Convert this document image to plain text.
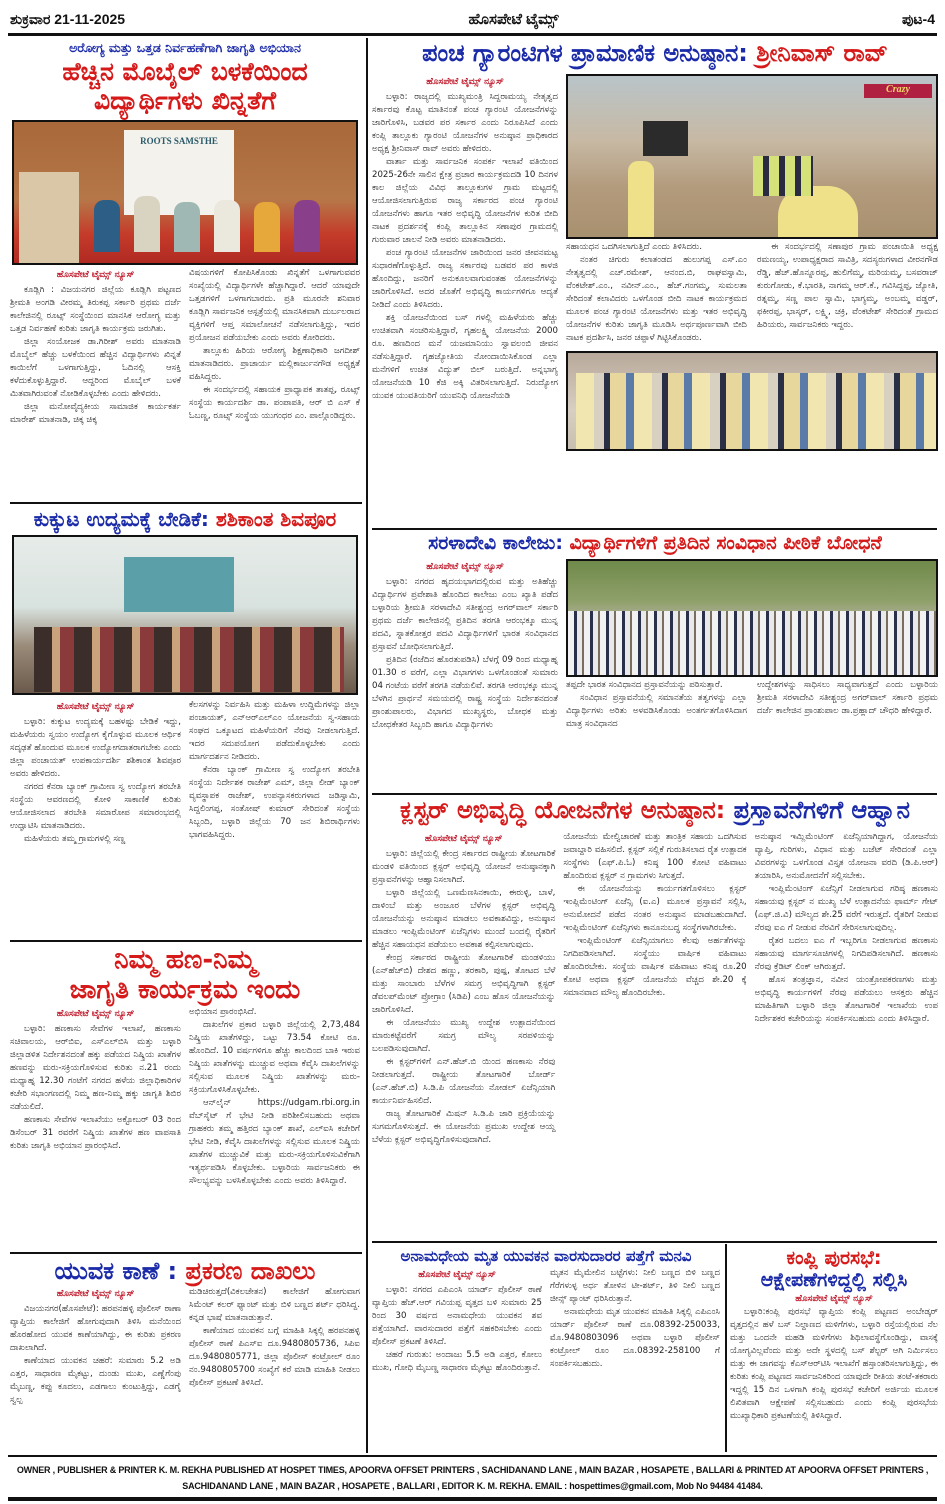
ಶುಕ್ರವಾರ 21-11-2025	ಹೊಸಪೇಟೆ ಟೈಮ್ಸ್	ಪುಟ-4
ಅರೋಗ್ಯ ಮತ್ತು ಒತ್ತಡ ನಿರ್ವಹಣೆಗಾಗಿ ಜಾಗೃತಿ ಅಭಿಯಾನ
ಹೆಚ್ಚಿನ ಮೊಬೈಲ್ ಬಳಕೆಯಿಂದ
ವಿದ್ಯಾರ್ಥಿಗಳು ಖಿನ್ನತೆಗೆ
ROOTS SAMSTHE
ಹೊಸಪೇಟೆ ಟೈಮ್ಸ್ ನ್ಯೂಸ್

ಕೂಡ್ಲಿಗಿ : ವಿಜಯನಗರ ಜಿಲ್ಲೆಯ ಕೂಡ್ಲಿಗಿ ಪಟ್ಟಣದ ಶ್ರೀಮತಿ ಅಂಗಡಿ ವೀರಮ್ಮ ತಿರುಕಪ್ಪ ಸರ್ಕಾರಿ ಪ್ರಥಮ ದರ್ಜೆ ಕಾಲೇಜಿನಲ್ಲಿ ರೂಟ್ಸ್ ಸಂಸ್ಥೆಯಿಂದ ಮಾನಸಿಕ ಆರೋಗ್ಯ ಮತ್ತು ಒತ್ತಡ ನಿರ್ವಹಣೆ ಕುರಿತು ಜಾಗೃತಿ ಕಾರ್ಯಕ್ರಮ ಜರುಗಿತು.

ಜಿಲ್ಲಾ ಸಂಯೋಜಕ ಡಾ.ಗಿರೀಶ್ ಅವರು ಮಾತನಾಡಿ ಮೊಬೈಲ್ ಹೆಚ್ಚು ಬಳಕೆಯಿಂದ ಹೆಚ್ಚಿನ ವಿದ್ಯಾರ್ಥಿಗಳು ಖಿನ್ನತೆ ಕಾಯಿಲೆಗೆ ಒಳಗಾಗುತ್ತಿದ್ದು, ಓದಿನಲ್ಲಿ ಆಸಕ್ತಿ ಕಳೆದುಕೊಳ್ಳುತ್ತಿದ್ದಾರೆ. ಆದ್ದರಿಂದ ಮೊಬೈಲ್ ಬಳಕೆ ಮಿತವಾಗಿರುವಂತೆ ನೋಡಿಕೊಳ್ಳಬೇಕು ಎಂದು ಹೇಳಿದರು.

ಜಿಲ್ಲಾ ಮನೋವೈದ್ಯಕೀಯ ಸಾಮಾಜಿಕ ಕಾರ್ಯಕರ್ತ ಮಾರೇಶ್ ಮಾತನಾಡಿ, ಚಿಕ್ಕ ಚಿಕ್ಕ

ವಿಷಯಗಳಿಗೆ ಕೋಪಿಸಿಕೊಂಡು ಖಿನ್ನತೆಗೆ ಒಳಗಾಗುವವರ ಸಂಖ್ಯೆಯಲ್ಲಿ ವಿದ್ಯಾರ್ಥಿಗಳೇ ಹೆಚ್ಚಾಗಿದ್ದಾರೆ. ಆದರೆ ಯಾವುದೇ ಒತ್ತಡಗಳಿಗೆ ಒಳಗಾಗಬಾರದು. ಪ್ರತಿ ಮೂರನೇ ಶನಿವಾರ ಕೂಡ್ಲಿಗಿ ಸಾರ್ವಜನಿಕ ಆಸ್ಪತ್ರೆಯಲ್ಲಿ ಮಾನಸಿಕವಾಗಿ ದುರ್ಬಲರಾದ ವ್ಯಕ್ತಿಗಳಿಗೆ ಆಪ್ತ ಸಮಾಲೋಚನೆ ನಡೆಸಲಾಗುತ್ತಿದ್ದು, ಇದರ ಪ್ರಯೋಜನ ಪಡೆಯಬೇಕು ಎಂದು ಅವರು ಕೋರಿದರು.

ತಾಲ್ಲೂಕು ಹಿರಿಯ ಆರೋಗ್ಯ ಶಿಕ್ಷಣಾಧಿಕಾರಿ ಜಗದೀಶ್ ಮಾತನಾಡಿದರು. ಪ್ರಾಚಾರ್ಯ ಮಲ್ಲಿಕಾರ್ಜುನಗೌಡ ಅಧ್ಯಕ್ಷತೆ ವಹಿಸಿದ್ದರು.

ಈ ಸಂದರ್ಭದಲ್ಲಿ ಸಹಾಯಕ ಪ್ರಾಧ್ಯಾಪಕ ತಾತಪ್ಪ, ರೂಟ್ಸ್ ಸಂಸ್ಥೆಯ ಕಾರ್ಯದರ್ಶಿ ಡಾ. ಪಂಪಾಪತಿ, ಆರ್ ಬಿ ಎಸ್ ಕೆ ಓಬಣ್ಣ, ರೂಟ್ಸ್ ಸಂಸ್ಥೆಯ ಯುಗಂಧರ ಎಂ. ಪಾಲ್ಗೊಂಡಿದ್ದರು.

ಕುಕ್ಕುಟ ಉದ್ಯಮಕ್ಕೆ ಬೇಡಿಕೆ: ಶಶಿಕಾಂತ ಶಿವಪೂರ
ಹೊಸಪೇಟೆ ಟೈಮ್ಸ್ ನ್ಯೂಸ್

ಬಳ್ಳಾರಿ: ಕುಕ್ಕುಟ ಉದ್ಯಮಕ್ಕೆ ಬಹಳಷ್ಟು ಬೇಡಿಕೆ ಇದ್ದು, ಮಹಿಳೆಯರು ಸ್ವಯಂ ಉದ್ಯೋಗ ಕೈಗೊಳ್ಳುವ ಮೂಲಕ ಆರ್ಥಿಕ ಸದೃಢತೆ ಹೊಂದುವ ಮೂಲಕ ಉದ್ಯೋಗದಾತರಾಗಬೇಕು ಎಂದು ಜಿಲ್ಲಾ ಪಂಚಾಯತ್ ಉಪಕಾರ್ಯದರ್ಶಿ ಶಶಿಕಾಂತ ಶಿವಪೂರ ಅವರು ಹೇಳಿದರು.

ನಗರದ ಕೆನರಾ ಬ್ಯಾಂಕ್ ಗ್ರಾಮೀಣ ಸ್ವ ಉದ್ಯೋಗ ತರಬೇತಿ ಸಂಸ್ಥೆಯ ಆವರಣದಲ್ಲಿ ಕೋಳಿ ಸಾಕಾಣಿಕೆ ಕುರಿತು ಆಯೋಜಿಸಲಾದ ತರಬೇತಿ ಸಮಾರೋಪ ಸಮಾರಂಭದಲ್ಲಿ ಉದ್ಘಾಟಿಸಿ ಮಾತನಾಡಿದರು.

ಮಹಿಳೆಯರು ತಮ್ಮ ಗ್ರಾಮಗಳಲ್ಲಿ ಸಣ್ಣ

ಕೆಲಸಗಳನ್ನು ನಿರ್ವಹಿಸಿ ಮತ್ತು ಮಹಿಳಾ ಉದ್ದಿಮೆಗಳನ್ನು ಜಿಲ್ಲಾ ಪಂಚಾಯತ್, ಎನ್‌ಆರ್‌ಎಲ್‌ಎಂ ಯೋಜನೆಯ ಸ್ವ-ಸಹಾಯ ಸಂಘದ ಒಕ್ಕೂಟದ ಮಹಿಳೆಯರಿಗೆ ನೆರವು ನೀಡಲಾಗುತ್ತಿದೆ. ಇದರ ಸದುಪಯೋಗ ಪಡೆದುಕೊಳ್ಳಬೇಕು ಎಂದು ಮಾರ್ಗದರ್ಶನ ನೀಡಿದರು.

ಕೆನರಾ ಬ್ಯಾಂಕ್ ಗ್ರಾಮೀಣ ಸ್ವ ಉದ್ಯೋಗ ತರಬೇತಿ ಸಂಸ್ಥೆಯ ನಿರ್ದೇಶಕ ರಾಜೇಶ್ ಎಮ್, ಜಿಲ್ಲಾ ಲೀಡ್ ಬ್ಯಾಂಕ್ ವ್ಯವಸ್ಥಾಪಕ ರಾಜೇಶ್, ಉಪನ್ಯಾಸಕರುಗಳಾದ ಜಡಿಸ್ವಾಮಿ, ಸಿದ್ದಲಿಂಗಪ್ಪ, ಸಂತೋಷ್ ಕುಮಾರ್ ಸೇರಿದಂತೆ ಸಂಸ್ಥೆಯ ಸಿಬ್ಬಂದಿ, ಬಳ್ಳಾರಿ ಜಿಲ್ಲೆಯ 70 ಜನ ಶಿಬಿರಾರ್ಥಿಗಳು ಭಾಗವಹಿಸಿದ್ದರು.

ನಿಮ್ಮ ಹಣ-ನಿಮ್ಮ
ಜಾಗೃತಿ ಕಾರ್ಯಕ್ರಮ ಇಂದು
ಹೊಸಪೇಟೆ ಟೈಮ್ಸ್ ನ್ಯೂಸ್

ಬಳ್ಳಾರಿ: ಹಣಕಾಸು ಸೇವೆಗಳ ಇಲಾಖೆ, ಹಣಕಾಸು ಸಚಿವಾಲಯ, ಆರ್‌ಬಿಐ, ಎಸ್‌ಎಲ್‌ಬಿಸಿ ಮತ್ತು ಬಳ್ಳಾರಿ ಜಿಲ್ಲಾಡಳಿತ ನಿರ್ದೇಶನದಂತೆ ಹಕ್ಕು ಪಡೆಯದ ನಿಷ್ಕ್ರಿಯ ಖಾತೆಗಳ ಹಣವನ್ನು ಮರು-ಸಕ್ರಿಯಗೊಳಿಸುವ ಕುರಿತು ನ.21 ರಂದು ಮಧ್ಯಾಹ್ನ 12.30 ಗಂಟೆಗೆ ನಗರದ ಹಳೆಯ ಜಿಲ್ಲಾಧಿಕಾರಿಗಳ ಕಚೇರಿ ಸಭಾಂಗಣದಲ್ಲಿ ನಿಮ್ಮ ಹಣ-ನಿಮ್ಮ ಹಕ್ಕು ಜಾಗೃತಿ ಶಿಬಿರ ನಡೆಯಲಿದೆ.

ಹಣಕಾಸು ಸೇವೆಗಳ ಇಲಾಖೆಯು ಅಕ್ಟೋಬರ್ 03 ರಿಂದ ಡಿಸೆಂಬರ್ 31 ರವರೆಗೆ ನಿಷ್ಕ್ರಿಯ ಖಾತೆಗಳ ಹಣ ವಾಪಸಾತಿ ಕುರಿತು ಜಾಗೃತಿ ಅಭಿಯಾನ ಪ್ರಾರಂಭಿಸಿದೆ.

ಅಭಿಯಾನ ಪ್ರಾರಂಭಿಸಿದೆ.

ದಾಖಲೆಗಳ ಪ್ರಕಾರ ಬಳ್ಳಾರಿ ಜಿಲ್ಲೆಯಲ್ಲಿ 2,73,484 ನಿಷ್ಕ್ರಿಯ ಖಾತೆಗಳಿದ್ದು, ಒಟ್ಟು 73.54 ಕೋಟಿ ರೂ. ಹೊಂದಿದೆ. 10 ವರ್ಷಗಳಿಗೂ ಹೆಚ್ಚು ಕಾಲದಿಂದ ಬಾಕಿ ಇರುವ ನಿಷ್ಕ್ರಿಯ ಖಾತೆಗಳನ್ನು ಮುಚ್ಚುವ ಅಥವಾ ಕೆವೈಸಿ ದಾಖಲೆಗಳನ್ನು ಸಲ್ಲಿಸುವ ಮೂಲಕ ನಿಷ್ಕ್ರಿಯ ಖಾತೆಗಳನ್ನು ಮರು-ಸಕ್ರಿಯಗೊಳಿಸಿಕೊಳ್ಳಬೇಕು.

ಆನ್‌ಲೈನ್ https://udgam.rbi.org.in ವೆಬ್‌ಸೈಟ್ ಗೆ ಭೇಟಿ ನೀಡಿ ಪರಿಶೀಲಿಸಬಹುದು ಅಥವಾ ಗ್ರಾಹಕರು ತಮ್ಮ ಹತ್ತಿರದ ಬ್ಯಾಂಕ್ ಶಾಖೆ, ಎಲ್‌ಐಸಿ ಕಚೇರಿಗೆ ಭೇಟಿ ನೀಡಿ, ಕೆವೈಸಿ ದಾಖಲೆಗಳನ್ನು ಸಲ್ಲಿಸುವ ಮೂಲಕ ನಿಷ್ಕ್ರಿಯ ಖಾತೆಗಳ ಮುಚ್ಚುವಿಕೆ ಮತ್ತು ಮರು-ಸಕ್ರಿಯಗೊಳಿಸುವಿಕೆಗಾಗಿ ಇತ್ಯರ್ಥಪಡಿಸಿ ಕೊಳ್ಳಬೇಕು. ಬಳ್ಳಾರಿಯ ಸಾರ್ವಜನಿಕರು ಈ ಸೌಲಭ್ಯವನ್ನು ಬಳಸಿಕೊಳ್ಳಬೇಕು ಎಂದು ಅವರು ತಿಳಿಸಿದ್ದಾರೆ.

ಯುವಕ ಕಾಣೆ : ಪ್ರಕರಣ ದಾಖಲು
ಹೊಸಪೇಟೆ ಟೈಮ್ಸ್ ನ್ಯೂಸ್

ವಿಜಯನಗರ(ಹೊಸಪೇಟೆ): ಹರಪನಹಳ್ಳಿ ಪೊಲೀಸ್ ಠಾಣಾ ವ್ಯಾಪ್ತಿಯ ಕಾಲೇಜಿಗೆ ಹೋಗುವುದಾಗಿ ತಿಳಿಸಿ ಮನೆಯಿಂದ ಹೊರಹೋದ ಯುವಕ ಕಾಣೆಯಾಗಿದ್ದು, ಈ ಕುರಿತು ಪ್ರಕರಣ ದಾಖಲಾಗಿದೆ.

ಕಾಣೆಯಾದ ಯುವಕನ ಚಹರೆ: ಸುಮಾರು 5.2 ಅಡಿ ಎತ್ತರ, ಸಾಧಾರಣ ಮೈಕಟ್ಟು, ದುಂಡು ಮುಖ, ಎಣ್ಣೆಗೆಂಪು ಮೈಬಣ್ಣ, ಕಪ್ಪು ಕೂದಲು, ಎಡಗಾಲು ಕುಂಟುತ್ತಿದ್ದು, ಎಡಗೈ ಸ್ವಲ್ಪ

ಮಡಿಚಿರುತ್ತದೆ(ವಿಕಲಚೇತನ) ಕಾಲೇಜಿಗೆ ಹೋಗುವಾಗ ಸಿಮೆಂಟ್ ಕಲರ್ ಫ್ಯಾಂಟ್ ಮತ್ತು ಬಿಳಿ ಬಣ್ಣದ ಶರ್ಟ್ ಧರಿಸಿದ್ದ. ಕನ್ನಡ ಭಾಷೆ ಮಾತನಾಡುತ್ತಾನೆ.

ಕಾಣೆಯಾದ ಯುವಕನ ಬಗ್ಗೆ ಮಾಹಿತಿ ಸಿಕ್ಕಲ್ಲಿ ಹರಪನಹಳ್ಳಿ ಪೊಲೀಸ್ ಠಾಣೆ ಪಿಎಸ್‌ಐ ದೂ.9480805736, ಸಿಪಿಐ ದೂ.9480805771, ಜಿಲ್ಲಾ ಪೊಲೀಸ್ ಕಂಟ್ರೋಲ್ ರೂಂ ನಂ.9480805700 ಸಂಖ್ಯೆಗೆ ಕರೆ ಮಾಡಿ ಮಾಹಿತಿ ನೀಡಲು ಪೊಲೀಸ್ ಪ್ರಕಟಣೆ ತಿಳಿಸಿದೆ.

ಪಂಚ ಗ್ಯಾರಂಟಿಗಳ ಪ್ರಾಮಾಣಿಕ ಅನುಷ್ಠಾನ: ಶ್ರೀನಿವಾಸ್ ರಾವ್
ಹೊಸಪೇಟೆ ಟೈಮ್ಸ್ ನ್ಯೂಸ್

ಬಳ್ಳಾರಿ: ರಾಜ್ಯದಲ್ಲಿ ಮುಖ್ಯಮಂತ್ರಿ ಸಿದ್ದರಾಮಯ್ಯ ನೇತೃತ್ವದ ಸರ್ಕಾರವು ಕೊಟ್ಟ ಮಾತಿನಂತೆ ಪಂಚ ಗ್ಯಾರಂಟಿ ಯೋಜನೆಗಳನ್ನು ಜಾರಿಗೊಳಿಸಿ, ಬಡವರ ಪರ ಸರ್ಕಾರ ಎಂದು ನಿರೂಪಿಸಿದೆ ಎಂದು ಕಂಪ್ಲಿ ತಾಲ್ಲೂಕು ಗ್ಯಾರಂಟಿ ಯೋಜನೆಗಳ ಅನುಷ್ಠಾನ ಪ್ರಾಧಿಕಾರದ ಅಧ್ಯಕ್ಷ ಶ್ರೀನಿವಾಸ್ ರಾವ್ ಅವರು ಹೇಳಿದರು.

ವಾರ್ತಾ ಮತ್ತು ಸಾರ್ವಜನಿಕ ಸಂಪರ್ಕ ಇಲಾಖೆ ವತಿಯಿಂದ 2025-26ನೇ ಸಾಲಿನ ಕ್ಷೇತ್ರ ಪ್ರಚಾರ ಕಾರ್ಯಕ್ರಮದಡಿ 10 ದಿನಗಳ ಕಾಲ ಜಿಲ್ಲೆಯ ವಿವಿಧ ತಾಲ್ಲೂಕುಗಳ ಗ್ರಾಮ ಮಟ್ಟದಲ್ಲಿ ಆಯೋಜಿಸಲಾಗುತ್ತಿರುವ ರಾಜ್ಯ ಸರ್ಕಾರದ ಪಂಚ ಗ್ಯಾರಂಟಿ ಯೋಜನೆಗಳು ಹಾಗೂ ಇತರ ಅಭಿವೃದ್ಧಿ ಯೋಜನೆಗಳ ಕುರಿತ ಬೀದಿ ನಾಟಕ ಪ್ರದರ್ಶನಕ್ಕೆ ಕಂಪ್ಲಿ ತಾಲ್ಲೂಕಿನ ಸಣಾಪುರ ಗ್ರಾಮದಲ್ಲಿ ಗುರುವಾರ ಚಾಲನೆ ನೀಡಿ ಅವರು ಮಾತನಾಡಿದರು.

ಪಂಚ ಗ್ಯಾರಂಟಿ ಯೋಜನೆಗಳ ಜಾರಿಯಿಂದ ಜನರ ಜೀವನಮಟ್ಟ ಸುಧಾರಣೆಗೊಳ್ಳುತ್ತಿದೆ. ರಾಜ್ಯ ಸರ್ಕಾರವು ಬಡವರ ಪರ ಕಾಳಜಿ ಹೊಂದಿದ್ದು, ಜನರಿಗೆ ಅನುಕೂಲವಾಗುವಂತಹ ಯೋಜನೆಗಳನ್ನು ಜಾರಿಗೊಳಿಸಿದೆ. ಅದರ ಜೊತೆಗೆ ಅಭಿವೃದ್ಧಿ ಕಾರ್ಯಗಳಿಗೂ ಆದ್ಯತೆ ನೀಡಿದೆ ಎಂದು ತಿಳಿಸಿದರು.

ಶಕ್ತಿ ಯೋಜನೆಯಿಂದ ಬಸ್ ಗಳಲ್ಲಿ ಮಹಿಳೆಯರು ಹೆಚ್ಚು ಉಚಿತವಾಗಿ ಸಂಚರಿಸುತ್ತಿದ್ದಾರೆ, ಗೃಹಲಕ್ಷ್ಮಿ ಯೋಜನೆಯ 2000 ರೂ. ಹಣದಿಂದ ಮನೆ ಯಜಮಾನಿಯು ಸ್ವಾವಲಂಬಿ ಜೀವನ ನಡೆಸುತ್ತಿದ್ದಾರೆ. ಗೃಹಜ್ಯೋತಿಯ ನೋಂದಾಯಿಸಿಕೊಂಡ ಎಲ್ಲಾ ಮನೆಗಳಿಗೆ ಉಚಿತ ವಿದ್ಯುತ್ ಬಿಲ್ ಬರುತ್ತಿದೆ. ಅನ್ನಭಾಗ್ಯ ಯೋಜನೆಯಡಿ 10 ಕೆಜಿ ಅಕ್ಕಿ ವಿತರಿಸಲಾಗುತ್ತಿದೆ. ನಿರುದ್ಯೋಗ ಯುವಕ ಯುವತಿಯರಿಗೆ ಯುವನಿಧಿ ಯೋಜನೆಯಡಿ

Crazy

ಸಹಾಯಧನ ಒದಗಿಸಲಾಗುತ್ತಿದೆ ಎಂದು ತಿಳಿಸಿದರು.

ನಂತರ ಚಿಗುರು ಕಲಾತಂಡದ ಹುಲುಗಪ್ಪ ಎಸ್.ಎಂ ನೇತೃತ್ವದಲ್ಲಿ ಎಚ್.ರಮೇಶ್, ಆನಂದ.ಬಿ, ರಾಘವಸ್ವಾಮಿ, ವೆಂಕಟೇಶ್.ಎಂ., ನವೀನ್.ಎಂ., ಹೆಚ್.ಗಂಗಮ್ಮ, ಸುಮಲತಾ ಸೇರಿದಂತೆ ಕಲಾವಿದರು ಒಳಗೊಂಡ ಬೀದಿ ನಾಟಕ ಕಾರ್ಯಕ್ರಮದ ಮೂಲಕ ಪಂಚ ಗ್ಯಾರಂಟಿ ಯೋಜನೆಗಳು ಮತ್ತು ಇತರ ಅಭಿವೃದ್ಧಿ ಯೋಜನೆಗಳ ಕುರಿತು ಜಾಗೃತಿ ಮೂಡಿಸಿ ಅರ್ಥಪೂರ್ಣವಾಗಿ ಬೀದಿ ನಾಟಕ ಪ್ರದರ್ಶಿಸಿ, ಜನರ ಚಪ್ಪಾಳೆ ಗಿಟ್ಟಿಸಿಕೊಂಡರು.

ಈ ಸಂದರ್ಭದಲ್ಲಿ ಸಣಾಪುರ ಗ್ರಾಮ ಪಂಚಾಯಿತಿ ಅಧ್ಯಕ್ಷ ರಮಣಯ್ಯ, ಉಪಾಧ್ಯಕ್ಷರಾದ ಸಾವಿತ್ರಿ, ಸದಸ್ಯರುಗಳಾದ ವೀರನಗೌಡ ರೆಡ್ಡಿ, ಹೆಚ್.ಹೊನ್ನೂರಪ್ಪ, ಹುಲಿಗೆಮ್ಮ, ಮರಿಯಮ್ಮ, ಬಸವರಾಜ್ ಕುರುಗೋಡು, ಕೆ.ಭಾರತಿ, ನಾಗಮ್ಮ ಆರ್.ಕೆ., ಗವಿಸಿದ್ದಪ್ಪ, ಜ್ಯೋತಿ, ರತ್ನಮ್ಮ, ಸಣ್ಣ ಪಾಲ ಸ್ವಾಮಿ, ಭಾಗ್ಯಮ್ಮ, ಅಂಬಮ್ಮ ವಡ್ಡರ್, ಫಕೀರಪ್ಪ, ಭಾಸ್ಕರ್, ಲಕ್ಷ್ಮಿ, ಚಕ್ರಿ, ವೆಂಕಟೇಶ್ ಸೇರಿದಂತೆ ಗ್ರಾಮದ ಹಿರಿಯರು, ಸಾರ್ವಜನಿಕರು ಇದ್ದರು.

ಸರಳಾದೇವಿ ಕಾಲೇಜು: ವಿದ್ಯಾರ್ಥಿಗಳಿಗೆ ಪ್ರತಿದಿನ ಸಂವಿಧಾನ ಪೀಠಿಕೆ ಬೋಧನೆ
ಹೊಸಪೇಟೆ ಟೈಮ್ಸ್ ನ್ಯೂಸ್

ಬಳ್ಳಾರಿ: ನಗರದ ಹೃದಯಭಾಗದಲ್ಲಿರುವ ಮತ್ತು ಅತಿಹೆಚ್ಚು ವಿದ್ಯಾರ್ಥಿಗಳ ಪ್ರವೇಶಾತಿ ಹೊಂದಿದ ಕಾಲೇಜು ಎಂಬ ಖ್ಯಾತಿ ಪಡೆದ ಬಳ್ಳಾರಿಯ ಶ್ರೀಮತಿ ಸರಳಾದೇವಿ ಸತೀಶ್ಚಂದ್ರ ಅಗರ್‌ವಾಲ್ ಸರ್ಕಾರಿ ಪ್ರಥಮ ದರ್ಜೆ ಕಾಲೇಜಿನಲ್ಲಿ ಪ್ರತಿದಿನ ತರಗತಿ ಆರಂಭಕ್ಕೂ ಮುನ್ನ ಪದವಿ, ಸ್ನಾತಕೋತ್ತರ ಪದವಿ ವಿದ್ಯಾರ್ಥಿಗಳಿಗೆ ಭಾರತ ಸಂವಿಧಾನದ ಪ್ರಸ್ತಾವನೆ ಬೋಧಿಸಲಾಗುತ್ತಿದೆ.

ಪ್ರತಿದಿನ (ರಜೆದಿನ ಹೊರತುಪಡಿಸಿ) ಬೆಳಗ್ಗೆ 09 ರಿಂದ ಮಧ್ಯಾಹ್ನ 01.30 ರ ವರೆಗೆ, ಎಲ್ಲಾ ವಿಭಾಗಗಳು ಒಳಗೊಂಡಂತೆ ಸುಮಾರು 04 ಗಂಟೆಯ ವರೆಗೆ ತರಗತಿ ನಡೆಯಲಿವೆ. ತರಗತಿ ಆರಂಭಕ್ಕೂ ಮುನ್ನ ಬೆಳಗಿನ ಪ್ರಾರ್ಥನೆ ಸಮಯದಲ್ಲಿ ರಾಷ್ಟ್ರ ಸಂಸ್ಥೆಯ ನಿರ್ದೇಶನದಂತೆ ಪ್ರಾಂಶುಪಾಲರು, ವಿಭಾಗದ ಮುಖ್ಯಸ್ಥರು, ಬೋಧಕ ಮತ್ತು ಬೋಧಕೇತರ ಸಿಬ್ಬಂದಿ ಹಾಗೂ ವಿದ್ಯಾರ್ಥಿಗಳು

ತಪ್ಪದೇ ಭಾರತ ಸಂವಿಧಾನದ ಪ್ರಸ್ತಾವನೆಯನ್ನು ಪಠಿಸುತ್ತಾರೆ.

ಸಂವಿಧಾನ ಪ್ರಸ್ತಾವನೆಯಲ್ಲಿ ಸಮಾನತೆಯ ತತ್ವಗಳನ್ನು ಎಲ್ಲಾ ವಿದ್ಯಾರ್ಥಿಗಳು ಅರಿತು ಅಳವಡಿಸಿಕೊಂಡು ಅಂತರ್ಗತಗೊಳಿಸಿದಾಗ ಮಾತ್ರ ಸಂವಿಧಾನದ

ಉದ್ದೇಶಗಳನ್ನು ಸಾಧಿಸಲು ಸಾಧ್ಯವಾಗುತ್ತದೆ ಎಂದು ಬಳ್ಳಾರಿಯ ಶ್ರೀಮತಿ ಸರಳಾದೇವಿ ಸತೀಶ್ಚಂದ್ರ ಅಗರ್‌ವಾಲ್ ಸರ್ಕಾರಿ ಪ್ರಥಮ ದರ್ಜೆ ಕಾಲೇಜಿನ ಪ್ರಾಂಶುಪಾಲ ಡಾ.ಪ್ರಹ್ಲಾದ್ ಚೌಧರಿ ಹೇಳಿದ್ದಾರೆ.

ಕ್ಲಸ್ಟರ್ ಅಭಿವೃದ್ಧಿ ಯೋಜನೆಗಳ ಅನುಷ್ಠಾನ: ಪ್ರಸ್ತಾವನೆಗಳಿಗೆ ಆಹ್ವಾನ
ಹೊಸಪೇಟೆ ಟೈಮ್ಸ್ ನ್ಯೂಸ್

ಬಳ್ಳಾರಿ: ಜಿಲ್ಲೆಯಲ್ಲಿ ಕೇಂದ್ರ ಸರ್ಕಾರದ ರಾಷ್ಟ್ರೀಯ ತೋಟಗಾರಿಕೆ ಮಂಡಳಿ ವತಿಯಿಂದ ಕ್ಲಸ್ಟರ್ ಅಭಿವೃದ್ಧಿ ಯೋಜನೆ ಅನುಷ್ಠಾನಕ್ಕಾಗಿ ಪ್ರಸ್ತಾವನೆಗಳನ್ನು ಆಹ್ವಾನಿಸಲಾಗಿದೆ.

ಬಳ್ಳಾರಿ ಜಿಲ್ಲೆಯಲ್ಲಿ ಒಣಮೆಣಸಿನಕಾಯಿ, ಈರುಳ್ಳಿ, ಬಾಳೆ, ದಾಳಿಂಬೆ ಮತ್ತು ಅಂಜೂರ ಬೆಳೆಗಳ ಕ್ಲಸ್ಟರ್ ಅಭಿವೃದ್ಧಿ ಯೋಜನೆಯನ್ನು ಅನುಷ್ಠಾನ ಮಾಡಲು ಅವಕಾಶವಿದ್ದು, ಅನುಷ್ಠಾನ ಮಾಡಲು ಇಂಪ್ಲಿಮೆಂಟಿಂಗ್ ಏಜೆನ್ಸಿಗಳು ಮುಂದೆ ಬಂದಲ್ಲಿ ರೈತರಿಗೆ ಹೆಚ್ಚಿನ ಸಹಾಯಧನ ಪಡೆಯಲು ಅವಕಾಶ ಕಲ್ಪಿಸಲಾಗುವುದು.

ಕೇಂದ್ರ ಸರ್ಕಾರದ ರಾಷ್ಟ್ರೀಯ ತೋಟಗಾರಿಕೆ ಮಂಡಳಿಯು (ಎನ್‌ಹೆಚ್‌ಬಿ) ದೇಶದ ಹಣ್ಣು, ತರಕಾರಿ, ಪುಷ್ಪ, ತೋಟದ ಬೆಳೆ ಮತ್ತು ಸಾಂಬಾರು ಬೆಳೆಗಳ ಸಮಗ್ರ ಅಭಿವೃದ್ಧಿಗಾಗಿ ಕ್ಲಸ್ಟರ್ ಡೆವಲಪ್‌ಮೆಂಟ್ ಪ್ರೋಗ್ರಾಂ (ಸಿಡಿಪಿ) ಎಂಬ ಹೊಸ ಯೋಜನೆಯನ್ನು ಜಾರಿಗೊಳಿಸಿದೆ.

ಈ ಯೋಜನೆಯು ಮುಖ್ಯ ಉದ್ದೇಶ ಉತ್ಪಾದನೆಯಿಂದ ಮಾರುಕಟ್ಟೆವರೆಗೆ ಸಮಗ್ರ ಮೌಲ್ಯ ಸರಪಳಿಯನ್ನು ಬಲಪಡಿಸುವುದಾಗಿದೆ.

ಈ ಕ್ಲಸ್ಟರ್‌ಗಳಿಗೆ ಎನ್.ಹೆಚ್.ಬಿ ಯಿಂದ ಹಣಕಾಸು ನೆರವು ನೀಡಲಾಗುತ್ತದೆ. ರಾಷ್ಟ್ರೀಯ ತೋಟಗಾರಿಕೆ ಬೋರ್ಡ್ (ಎನ್.ಹೆಚ್.ಬಿ) ಸಿ.ಡಿ.ಪಿ ಯೋಜನೆಯ ನೋಡಲ್ ಏಜೆನ್ಸಿಯಾಗಿ ಕಾರ್ಯನಿರ್ವಹಿಸಲಿದೆ.

ರಾಜ್ಯ ತೋಟಗಾರಿಕೆ ಮಿಷನ್ ಸಿ.ಡಿ.ಪಿ ಜಾರಿ ಪ್ರಕ್ರಿಯೆಯನ್ನು ಸುಗಮಗೊಳಿಸುತ್ತದೆ. ಈ ಯೋಜನೆಯ ಪ್ರಮುಖ ಉದ್ದೇಶ ಆಯ್ದ ಬೆಳೆಯ ಕ್ಲಸ್ಟರ್ ಅಭಿವೃದ್ಧಿಗೊಳಿಸುವುದಾಗಿದೆ.

ಯೋಜನೆಯ ಮೇಲ್ವಿಚಾರಣೆ ಮತ್ತು ತಾಂತ್ರಿಕ ಸಹಾಯ ಒದಗಿಸುವ ಜವಾಬ್ದಾರಿ ವಹಿಸಲಿದೆ. ಕ್ಲಸ್ಟರ್ ಸಲ್ಲಿಕೆ ಗುರುತಿಸಲಾದ ರೈತ ಉತ್ಪಾದಕ ಸಂಸ್ಥೆಗಳು (ಎಫ್.ಪಿ.ಓ) ಕನಿಷ್ಠ 100 ಕೋಟಿ ವಹಿವಾಟು ಹೊಂದಿರುವ ಕ್ಲಸ್ಟರ್ ನ ಗ್ರಾಮಗಳು ಸಿಗುತ್ತದೆ.

ಈ ಯೋಜನೆಯನ್ನು ಕಾರ್ಯಗತಗೊಳಿಸಲು ಕ್ಲಸ್ಟರ್ ಇಂಪ್ಲಿಮೆಂಟಿಂಗ್ ಏಜೆನ್ಸಿ (ಐ.ಎ) ಮೂಲಕ ಪ್ರಸ್ತಾವನೆ ಸಲ್ಲಿಸಿ, ಅನುಮೋದನೆ ಪಡೆದ ನಂತರ ಅನುಷ್ಠಾನ ಮಾಡಬಹುದಾಗಿದೆ. ಇಂಪ್ಲಿಮೆಂಟಿಂಗ್ ಏಜೆನ್ಸಿಗಳು ಕಾನೂನುಬದ್ಧ ಸಂಸ್ಥೆಗಳಾಗಿರಬೇಕು.

ಇಂಪ್ಲಿಮೆಂಟಿಂಗ್ ಏಜೆನ್ಸಿಯಾಗಲು ಕೆಲವು ಅರ್ಹತೆಗಳನ್ನು ನಿಗದಿಪಡಿಸಲಾಗಿದೆ. ಸಂಸ್ಥೆಯು ವಾರ್ಷಿಕ ವಹಿವಾಟು ಹೊಂದಿರಬೇಕು. ಸಂಸ್ಥೆಯ ವಾರ್ಷಿಕ ವಹಿವಾಟು ಕನಿಷ್ಠ ರೂ.20 ಕೋಟಿ ಅಥವಾ ಕ್ಲಸ್ಟರ್ ಯೋಜನೆಯ ವೆಚ್ಚದ ಶೇ.20 ಕ್ಕೆ ಸಮಾನವಾದ ಮೌಲ್ಯ ಹೊಂದಿರಬೇಕು.

ಅನುಷ್ಠಾನ ಇಮ್ಲಿಮೆಂಟಿಂಗ್ ಏಜೆನ್ಸಿಯಾಗಿದ್ದಾಗ, ಯೋಜನೆಯ ವ್ಯಾಪ್ತಿ, ಗುರಿಗಳು, ವಿಧಾನ ಮತ್ತು ಬಜೆಟ್ ಸೇರಿದಂತೆ ಎಲ್ಲಾ ವಿವರಗಳನ್ನು ಒಳಗೊಂಡ ವಿಸ್ತೃತ ಯೋಜನಾ ವರದಿ (ಡಿ.ಪಿ.ಆರ್) ತಯಾರಿಸಿ, ಅನುಮೋದನೆಗೆ ಸಲ್ಲಿಸಬೇಕು.

ಇಂಪ್ಲಿಮೆಂಟಿಂಗ್ ಏಜೆನ್ಸಿಗೆ ನೀಡಲಾಗುವ ಗರಿಷ್ಠ ಹಣಕಾಸು ಸಹಾಯವು ಕ್ಲಸ್ಟರ್ ನ ಮುಖ್ಯ ಬೆಳೆ ಉತ್ಪಾದನೆಯ ಫಾರ್ಮ್ ಗೇಟ್ (ಎಫ್.ಜಿ.ವಿ) ಮೌಲ್ಯದ ಶೇ.25 ವರೆಗೆ ಇರುತ್ತದೆ. ರೈತರಿಗೆ ನೀಡುವ ನೆರವು ಐಎ ಗೆ ನೀಡುವ ನೆರವಿಗೆ ಸೇರಿಸಲಾಗುವುದಿಲ್ಲ.

ರೈತರ ಬದಲು ಐಎ ಗೆ ಇಬ್ಬರಿಗೂ ನೀಡಲಾಗುವ ಹಣಕಾಸು ಸಹಾಯವು ಮಾರ್ಗಸೂಚಿಗಳಲ್ಲಿ ನಿಗದಿಪಡಿಸಲಾಗಿದೆ. ಹಣಕಾಸು ನೆರವು ಕ್ರೆಡಿಟ್ ಲಿಂಕ್ ಆಗಿರುತ್ತದೆ.

ಹೊಸ ತಂತ್ರಜ್ಞಾನ, ನವೀನ ಯಂತ್ರೋಪಕರಣಗಳು ಮತ್ತು ಅಭಿವೃದ್ಧಿ ಕಾರ್ಯಗಳಿಗೆ ನೆರವು ಪಡೆಯಲು ಆಸಕ್ತರು ಹೆಚ್ಚಿನ ಮಾಹಿತಿಗಾಗಿ ಬಳ್ಳಾರಿ ಜಿಲ್ಲಾ ತೋಟಗಾರಿಕೆ ಇಲಾಖೆಯ ಉಪ ನಿರ್ದೇಶಕರ ಕಚೇರಿಯನ್ನು ಸಂಪರ್ಕಿಸಬಹುದು ಎಂದು ತಿಳಿಸಿದ್ದಾರೆ.

ಅನಾಮಧೇಯ ಮೃತ ಯುವಕನ ವಾರಸುದಾರರ ಪತ್ತೆಗೆ ಮನವಿ
ಹೊಸಪೇಟೆ ಟೈಮ್ಸ್ ನ್ಯೂಸ್

ಬಳ್ಳಾರಿ: ನಗರದ ಎಪಿಎಂಸಿ ಯಾರ್ಡ್ ಪೊಲೀಸ್ ಠಾಣೆ ವ್ಯಾಪ್ತಿಯ ಹೆಚ್.ಆರ್ ಗವಿಯಪ್ಪ ವೃತ್ತದ ಬಳಿ ಸುಮಾರು 25 ರಿಂದ 30 ವರ್ಷದ ಅನಾಮಧೇಯ ಯುವಕನ ಶವ ಪತ್ತೆಯಾಗಿದೆ. ವಾರಸುದಾರರ ಪತ್ತೆಗೆ ಸಹಕರಿಸಬೇಕು ಎಂದು ಪೊಲೀಸ್ ಪ್ರಕಟಣೆ ತಿಳಿಸಿದೆ.

ಚಹರೆ ಗುರುತು: ಅಂದಾಜು 5.5 ಅಡಿ ಎತ್ತರ, ಕೋಲು ಮುಖ, ಗೋಧಿ ಮೈಬಣ್ಣ ಸಾಧಾರಣ ಮೈಕಟ್ಟು ಹೊಂದಿರುತ್ತಾನೆ.

ಮೃತನ ಮೈಮೇಲಿನ ಬಟ್ಟೆಗಳು: ನೀಲಿ ಬಣ್ಣದ ಬಿಳಿ ಬಣ್ಣದ ಗೆರೆಗಳುಳ್ಳ ಅರ್ಧ ತೋಳಿನ ಟೀ-ಶರ್ಟ್, ತಿಳಿ ನೀಲಿ ಬಣ್ಣದ ಜೀನ್ಸ್ ಪ್ಯಾಂಟ್ ಧರಿಸಿರುತ್ತಾನೆ.

ಅನಾಮಧೇಯ ಮೃತ ಯುವಕನ ಮಾಹಿತಿ ಸಿಕ್ಕಲ್ಲಿ ಎಪಿಎಂಸಿ ಯಾರ್ಡ್ ಪೊಲೀಸ್ ಠಾಣೆ ದೂ.08392-250033, ಮೊ.9480803096 ಅಥವಾ ಬಳ್ಳಾರಿ ಪೊಲೀಸ್ ಕಂಟ್ರೋಲ್ ರೂಂ ದೂ.08392-258100 ಗೆ ಸಂಪರ್ಕಿಸಬಹುದು.

ಕಂಪ್ಲಿ ಪುರಸಭೆ:
ಆಕ್ಷೇಪಣೆಗಳಿದ್ದಲ್ಲಿ ಸಲ್ಲಿಸಿ
ಹೊಸಪೇಟೆ ಟೈಮ್ಸ್ ನ್ಯೂಸ್

ಬಳ್ಳಾರಿ:ಕಂಪ್ಲಿ ಪುರಸಭೆ ವ್ಯಾಪ್ತಿಯ ಕಂಪ್ಲಿ ಪಟ್ಟಣದ ಅಂಬೇಡ್ಕರ್ ವೃತ್ತದಲ್ಲಿನ ಹಳೆ ಬಸ್ ನಿಲ್ದಾಣದ ಮಳಿಗೆಗಳು, ಬಳ್ಳಾರಿ ರಸ್ತೆಯಲ್ಲಿರುವ ನೆಲ ಮತ್ತು ಒಂದನೇ ಮಹಡಿ ಮಳಿಗೆಗಳು ಶಿಥಿಲಾವಸ್ಥೆಗೊಂಡಿದ್ದು, ವಾಸಕ್ಕೆ ಯೋಗ್ಯವಿಲ್ಲವೆಂದು ಮತ್ತು ಅದೇ ಸ್ಥಳದಲ್ಲಿ ಬಸ್ ಶೆಲ್ಟರ್ ಆಗಿ ನಿರ್ಮಿಸಲು ಮತ್ತು ಈ ಜಾಗವನ್ನು ಕೆಎಸ್‌ಆರ್‌ಟಿಸಿ ಇಲಾಖೆಗೆ ಹಸ್ತಾಂತರಿಸಲಾಗುತ್ತಿದ್ದು, ಈ ಕುರಿತು ಕಂಪ್ಲಿ ಪಟ್ಟಣದ ಸಾರ್ವಜನಿಕರಿಂದ ಯಾವುದೇ ರೀತಿಯ ತಂಟೆ-ತಕರಾರು ಇದ್ದಲ್ಲಿ 15 ದಿನ ಒಳಗಾಗಿ ಕಂಪ್ಲಿ ಪುರಸಭೆ ಕಚೇರಿಗೆ ಅರ್ಜಿಯ ಮೂಲಕ ಲಿಖಿತವಾಗಿ ಆಕ್ಷೇಪಣೆ ಸಲ್ಲಿಸಬಹುದು ಎಂದು ಕಂಪ್ಲಿ ಪುರಸಭೆಯ ಮುಖ್ಯಾಧಿಕಾರಿ ಪ್ರಕಟಣೆಯಲ್ಲಿ ತಿಳಿಸಿದ್ದಾರೆ.

OWNER , PUBLISHER & PRINTER K. M. REKHA PUBLISHED AT HOSPET TIMES, APOORVA OFFSET PRINTERS , SACHIDANAND LANE , MAIN BAZAR , HOSAPETE , BALLARI & PRINTED AT APOORVA OFFSET PRINTERS ,
SACHIDANAND LANE , MAIN BAZAR , HOSAPETE , BALLARI , EDITOR K. M. REKHA. EMAIL : hospettimes@gmail.com, Mob No 94484 41484.
